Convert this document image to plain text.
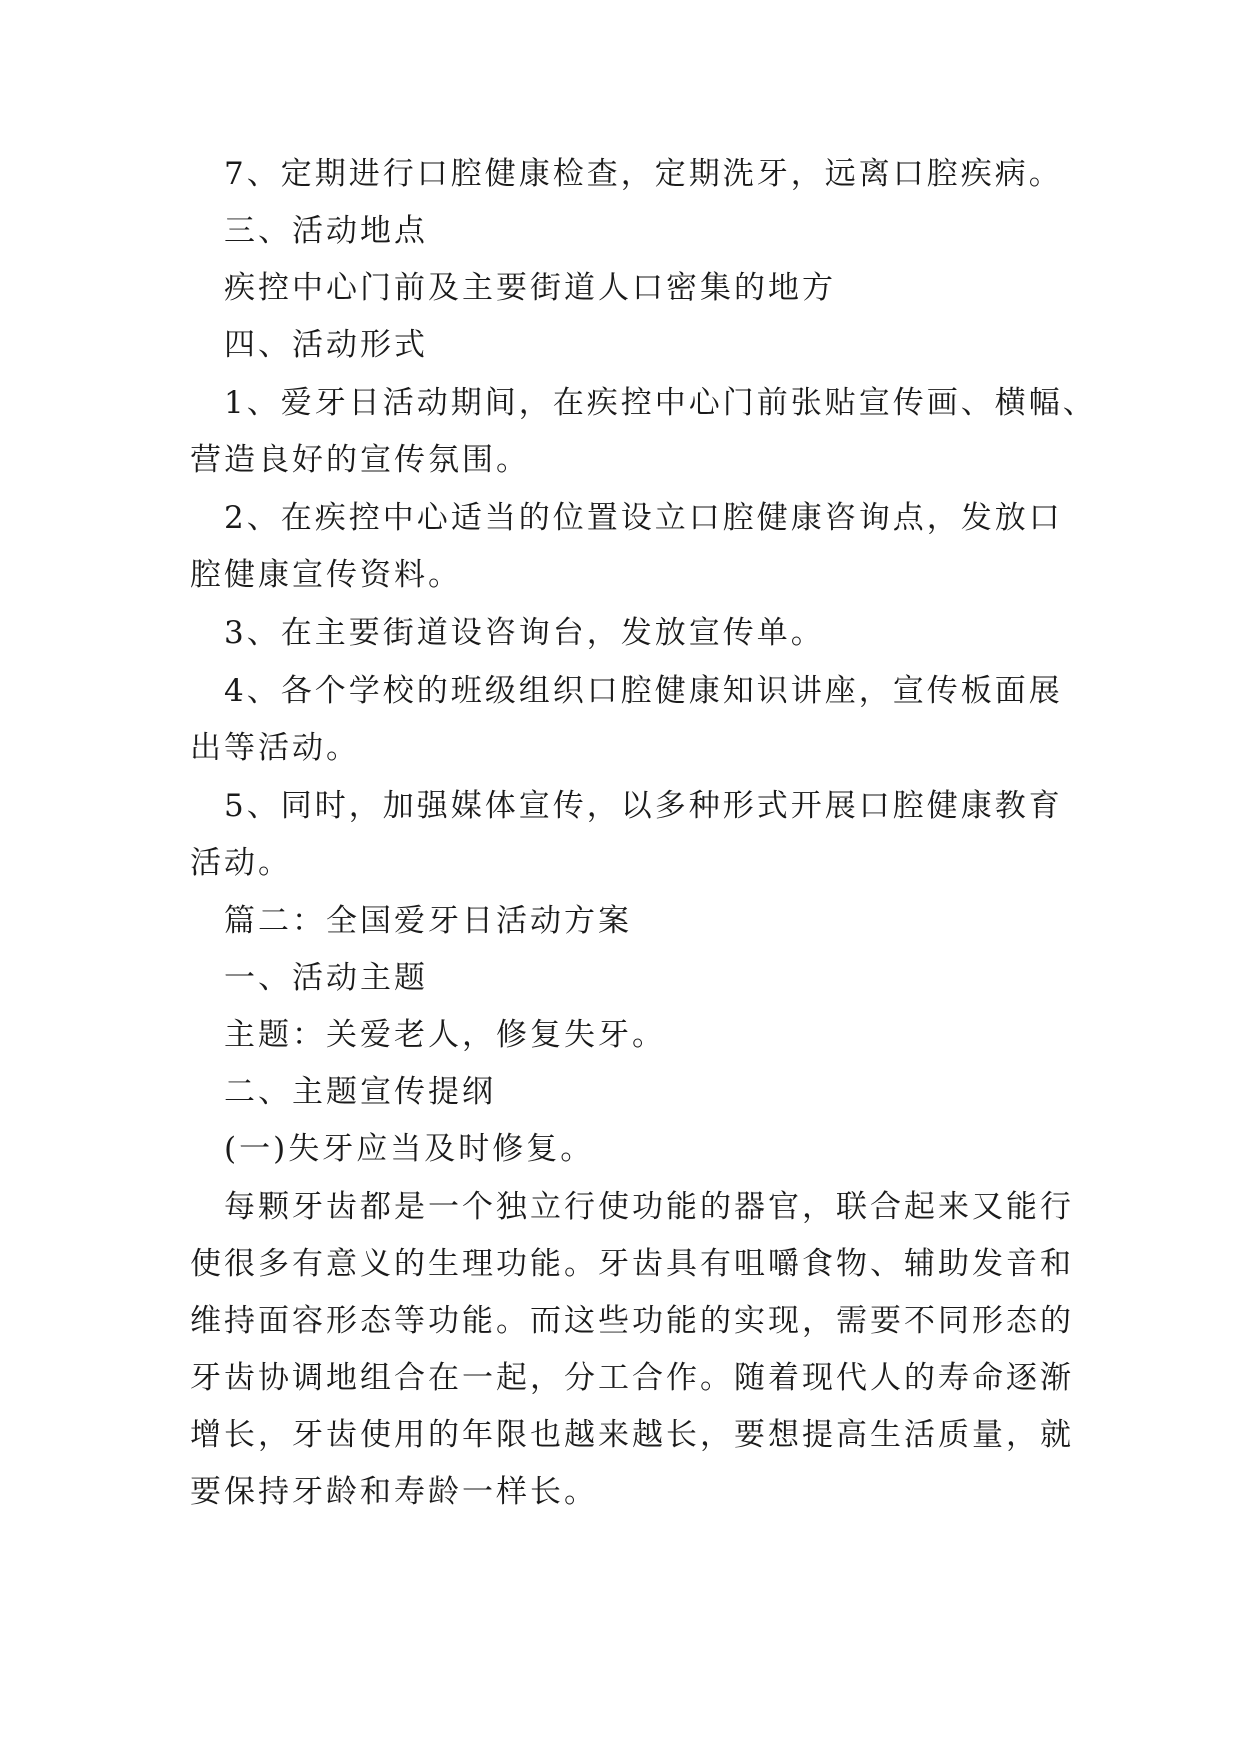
7、定期进行口腔健康检查，定期洗牙，远离口腔疾病。

三、活动地点

疾控中心门前及主要街道人口密集的地方

四、活动形式

1、爱牙日活动期间，在疾控中心门前张贴宣传画、横幅、

营造良好的宣传氛围。

2、在疾控中心适当的位置设立口腔健康咨询点，发放口

腔健康宣传资料。

3、在主要街道设咨询台，发放宣传单。

4、各个学校的班级组织口腔健康知识讲座，宣传板面展

出等活动。

5、同时，加强媒体宣传，以多种形式开展口腔健康教育

活动。

篇二：全国爱牙日活动方案

一、活动主题

主题：关爱老人，修复失牙。

二、主题宣传提纲

(一)失牙应当及时修复。

每颗牙齿都是一个独立行使功能的器官，联合起来又能行

使很多有意义的生理功能。牙齿具有咀嚼食物、辅助发音和

维持面容形态等功能。而这些功能的实现，需要不同形态的

牙齿协调地组合在一起，分工合作。随着现代人的寿命逐渐

增长，牙齿使用的年限也越来越长，要想提高生活质量，就

要保持牙龄和寿龄一样长。
